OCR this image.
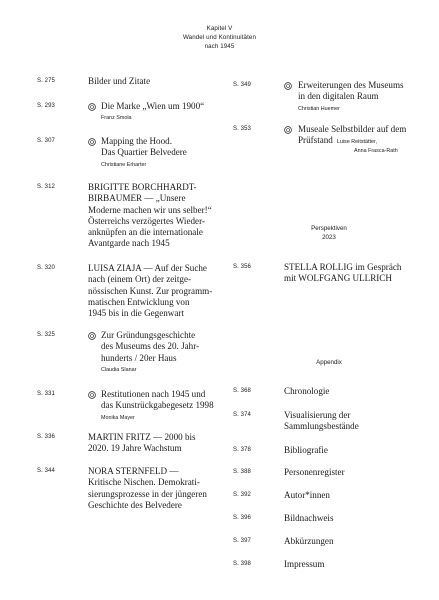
Kapitel V
Wandel und Kontinuitäten
nach 1945
S. 275	Bilder und Zitate
S. 293	Die Marke „Wien um 1900“
Franz Smola
S. 307	Mapping the Hood.
Das Quartier Belvedere
Christiane Erharter
S. 312	BRIGITTE BORCHHARDT-
BIRBAUMER –– „Unsere
Moderne machen wir uns selber!“
Österreichs verzögertes Wieder-
anknüpfen an die internationale
Avantgarde nach 1945
S. 320	LUISA ZIAJA –– Auf der Suche
nach (einem Ort) der zeitge-
nössischen Kunst. Zur programm-
matischen Entwicklung von
1945 bis in die Gegenwart
S. 325	Zur Gründungsgeschichte
des Museums des 20. Jahr-
hunderts / 20er Haus
Claudia Slanar
S. 331	Restitutionen nach 1945 und
das Kunstrückgabegesetz 1998
Monika Mayer
S. 336	MARTIN FRITZ –– 2000 bis
2020. 19 Jahre Wachstum
S. 344	NORA STERNFELD ––
Kritische Nischen. Demokrati-
sierungsprozesse in der jüngeren
Geschichte des Belvedere
S. 349	Erweiterungen des Museums
in den digitalen Raum
Christian Huemer
S. 353	Museale Selbstbilder auf dem
Prüfstand Luise Reitstätter,
Anna Frasca-Rath
Perspektiven
2023
S. 356	STELLA ROLLIG im Gespräch
mit WOLFGANG ULLRICH
Appendix
S. 368	Chronologie
S. 374	Visualisierung der
Sammlungsbestände
S. 378	Bibliografie
S. 388	Personenregister
S. 392	Autor*innen
S. 396	Bildnachweis
S. 397	Abkürzungen
S. 398	Impressum
